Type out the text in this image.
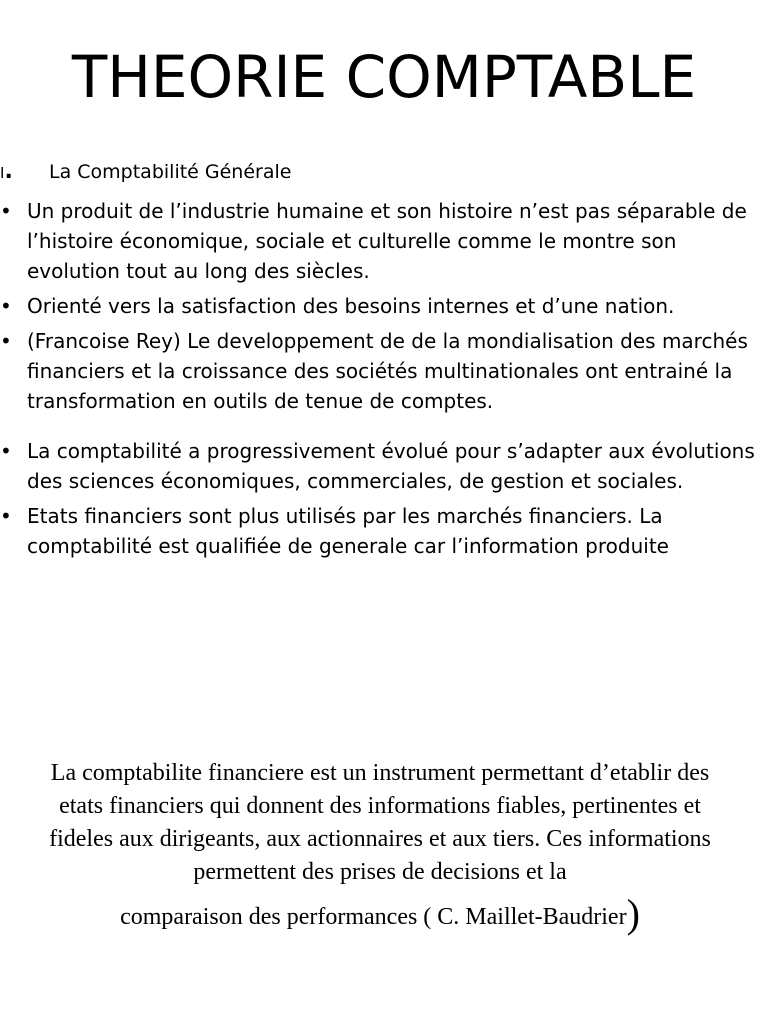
THEORIE COMPTABLE
I. La Comptabilité Générale
• Un produit de l’industrie humaine et son histoire n’est pas séparable de l’histoire économique, sociale et culturelle comme le montre son evolution tout au long des siècles.
• Orienté vers la satisfaction des besoins internes et d’une nation.
• (Francoise Rey) Le developpement de de la mondialisation des marchés financiers et la croissance des sociétés multinationales ont entrainé la transformation en outils de tenue de comptes.
• La comptabilité a progressivement évolué pour s’adapter aux évolutions des sciences économiques, commerciales, de gestion et sociales.
• Etats financiers sont plus utilisés par les marchés financiers. La comptabilité est qualifiée de generale car l’information produite
La comptabilite financiere est un instrument permettant d’etablir des etats financiers qui donnent des informations fiables, pertinentes et fideles aux dirigeants, aux actionnaires et aux tiers. Ces informations permettent des prises de decisions et la
comparaison des performances ( C. Maillet-Baudrier)
